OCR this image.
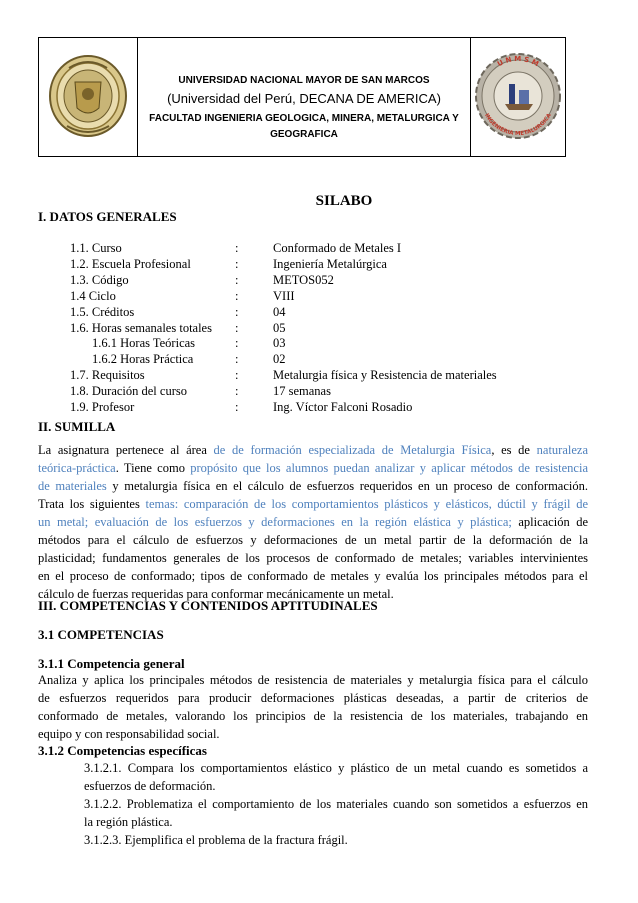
UNIVERSIDAD NACIONAL MAYOR DE SAN MARCOS
(Universidad del Perú, DECANA DE AMERICA)
FACULTAD INGENIERIA GEOLOGICA, MINERA, METALURGICA Y
GEOGRAFICA
U N M S M
INGENIERIA METALURGICA
SILABO
I. DATOS GENERALES
1.1. Curso	:	Conformado de Metales I
1.2. Escuela Profesional	:	Ingeniería Metalúrgica
1.3. Código	:	METOS052
1.4 Ciclo	:	VIII
1.5. Créditos	:	04
1.6. Horas semanales totales :	05
1.6.1 Horas Teóricas	:	03
1.6.2 Horas Práctica	:	02
1.7. Requisitos	:	Metalurgia física y Resistencia de materiales
1.8. Duración del curso	:	17 semanas
1.9. Profesor	:	Ing. Víctor Falconi Rosadio
II. SUMILLA
La asignatura pertenece al área de de formación especializada de Metalurgia Física, es de naturaleza
teórica-práctica. Tiene como propósito que los alumnos puedan analizar y aplicar métodos de resistencia
de materiales y metalurgia física en el cálculo de esfuerzos requeridos en un proceso de conformación.
Trata los siguientes temas: comparación de los comportamientos plásticos y elásticos, dúctil y frágil de
un metal; evaluación de los esfuerzos y deformaciones en la región elástica y plástica; aplicación de
métodos para el cálculo de esfuerzos y deformaciones de un metal partir de la deformación de la
plasticidad; fundamentos generales de los procesos de conformado de metales; variables intervinientes
en el proceso de conformado; tipos de conformado de metales y evalúa los principales métodos para el
cálculo de fuerzas requeridas para conformar mecánicamente un metal.
III. COMPETENCIAS Y CONTENIDOS APTITUDINALES
3.1 COMPETENCIAS
3.1.1 Competencia general
Analiza y aplica los principales métodos de resistencia de materiales y metalurgia física para el cálculo
de esfuerzos requeridos para producir deformaciones plásticas deseadas, a partir de criterios de
conformado de metales, valorando los principios de la resistencia de los materiales, trabajando en
equipo y con responsabilidad social.
3.1.2 Competencias específicas
3.1.2.1. Compara los comportamientos elástico y plástico de un metal cuando es sometidos a
esfuerzos de deformación.
3.1.2.2. Problematiza el comportamiento de los materiales cuando son sometidos a esfuerzos en
la región plástica.
3.1.2.3. Ejemplifica el problema de la fractura frágil.
